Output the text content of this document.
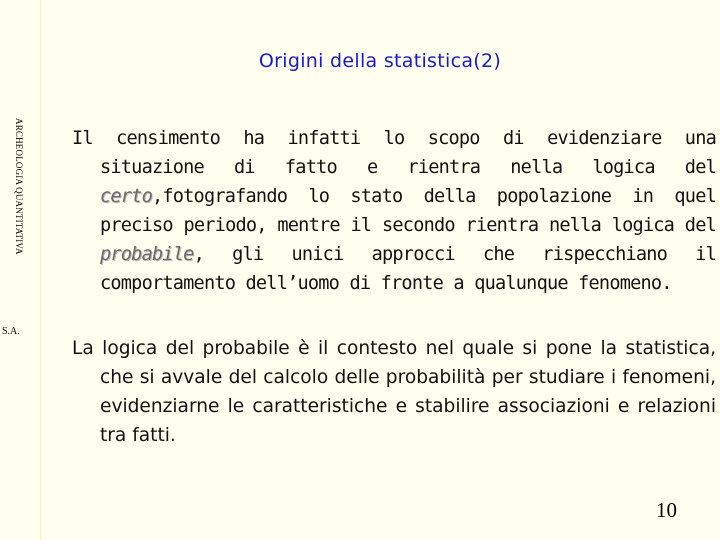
ARCHEOLOGIA QUANTITATIVA
S.A.
Origini della statistica(2)

Il censimento ha infatti lo scopo di evidenziare una situazione di fatto e rientra nella logica del certo,fotografando lo stato della popolazione in quel preciso periodo, mentre il secondo rientra nella logica del probabile, gli unici approcci che rispecchiano il comportamento dell’uomo di fronte a qualunque fenomeno.

La logica del probabile è il contesto nel quale si pone la statistica, che si avvale del calcolo delle probabilità per studiare i fenomeni, evidenziarne le caratteristiche e stabilire associazioni e relazioni tra fatti.

10
